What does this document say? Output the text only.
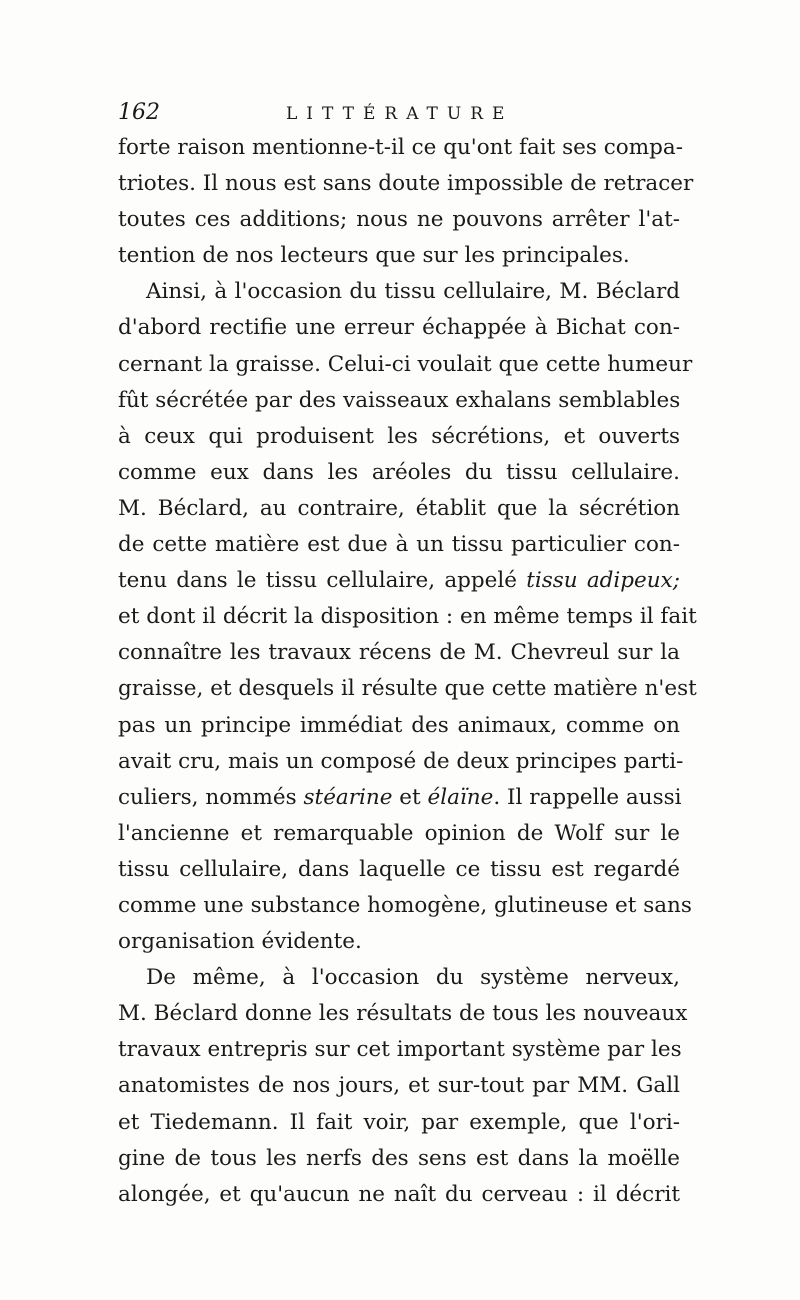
162	LITTÉRATURE
forte raison mentionne-t-il ce qu'ont fait ses compa-
triotes. Il nous est sans doute impossible de retracer
toutes ces additions; nous ne pouvons arrêter l'at-
tention de nos lecteurs que sur les principales.
Ainsi, à l'occasion du tissu cellulaire, M. Béclard
d'abord rectifie une erreur échappée à Bichat con-
cernant la graisse. Celui-ci voulait que cette humeur
fût sécrétée par des vaisseaux exhalans semblables
à ceux qui produisent les sécrétions, et ouverts
comme eux dans les aréoles du tissu cellulaire.
M. Béclard, au contraire, établit que la sécrétion
de cette matière est due à un tissu particulier con-
tenu dans le tissu cellulaire, appelé tissu adipeux;
et dont il décrit la disposition : en même temps il fait
connaître les travaux récens de M. Chevreul sur la
graisse, et desquels il résulte que cette matière n'est
pas un principe immédiat des animaux, comme on
avait cru, mais un composé de deux principes parti-
culiers, nommés stéarine et élaïne. Il rappelle aussi
l'ancienne et remarquable opinion de Wolf sur le
tissu cellulaire, dans laquelle ce tissu est regardé
comme une substance homogène, glutineuse et sans
organisation évidente.
De même, à l'occasion du système nerveux,
M. Béclard donne les résultats de tous les nouveaux
travaux entrepris sur cet important système par les
anatomistes de nos jours, et sur-tout par MM. Gall
et Tiedemann. Il fait voir, par exemple, que l'ori-
gine de tous les nerfs des sens est dans la moëlle
alongée, et qu'aucun ne naît du cerveau : il décrit
